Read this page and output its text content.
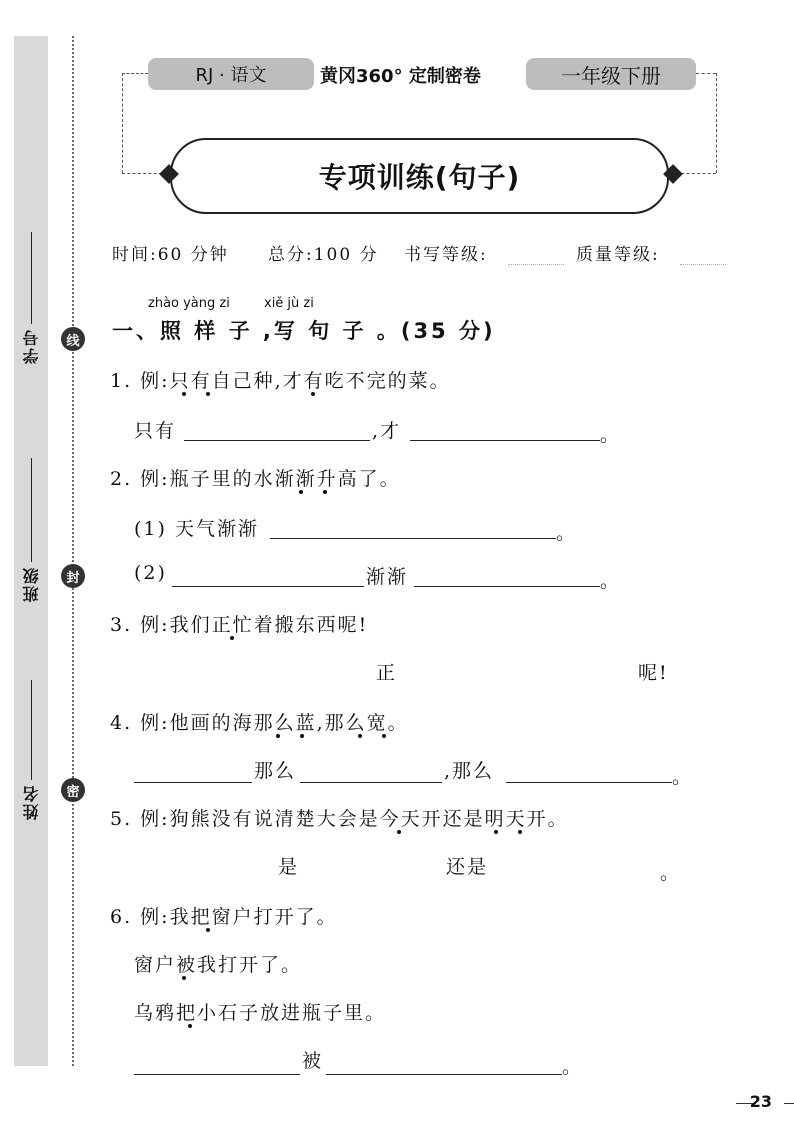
学号
班级
姓名
线
封
密
RJ · 语文	黄冈360° 定制密卷	一年级下册
专项训练(句子)
时间:60 分钟 总分:100 分 书写等级:	质量等级:
zhào yàng zi	xiě jù zi
一、照 样 子 ,写 句 子 。(35 分)
1. 例:只有自己种,才有吃不完的菜。
只有	,才	。
2. 例:瓶子里的水渐渐升高了。
(1) 天气渐渐	。
(2)	渐渐	。
3. 例:我们正忙着搬东西呢!
正	呢!
4. 例:他画的海那么蓝,那么宽。
那么	,那么	。
5. 例:狗熊没有说清楚大会是今天开还是明天开。
是	还是	。
6. 例:我把窗户打开了。
窗户被我打开了。
乌鸦把小石子放进瓶子里。
被	。
23
